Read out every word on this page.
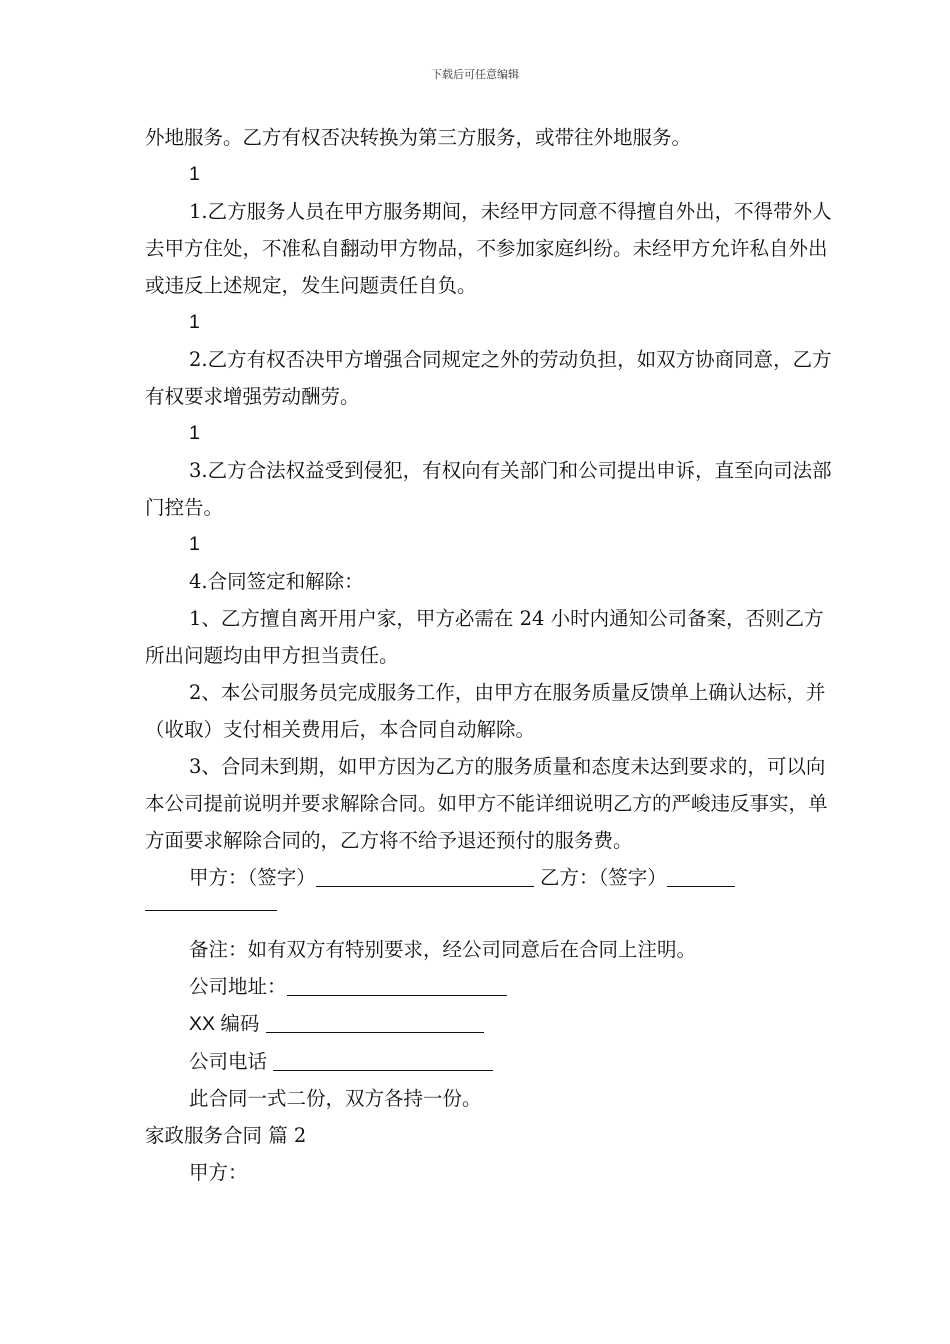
下载后可任意编辑

外地服务。乙方有权否决转换为第三方服务，或带往外地服务。

1

1.乙方服务人员在甲方服务期间，未经甲方同意不得擅自外出，不得带外人去甲方住处，不准私自翻动甲方物品，不参加家庭纠纷。未经甲方允许私自外出或违反上述规定，发生问题责任自负。

1

2.乙方有权否决甲方增强合同规定之外的劳动负担，如双方协商同意，乙方有权要求增强劳动酬劳。

1

3.乙方合法权益受到侵犯，有权向有关部门和公司提出申诉，直至向司法部门控告。

1

4.合同签定和解除：

1、乙方擅自离开用户家，甲方必需在 24 小时内通知公司备案，否则乙方所出问题均由甲方担当责任。

2、本公司服务员完成服务工作，由甲方在服务质量反馈单上确认达标，并（收取）支付相关费用后，本合同自动解除。

3、合同未到期，如甲方因为乙方的服务质量和态度未达到要求的，可以向本公司提前说明并要求解除合同。如甲方不能详细说明乙方的严峻违反事实，单方面要求解除合同的，乙方将不给予退还预付的服务费。

甲方：（签字）	乙方：（签字）

备注：如有双方有特别要求，经公司同意后在合同上注明。

公司地址：

XX 编码

公司电话

此合同一式二份，双方各持一份。

家政服务合同 篇 2

甲方：
